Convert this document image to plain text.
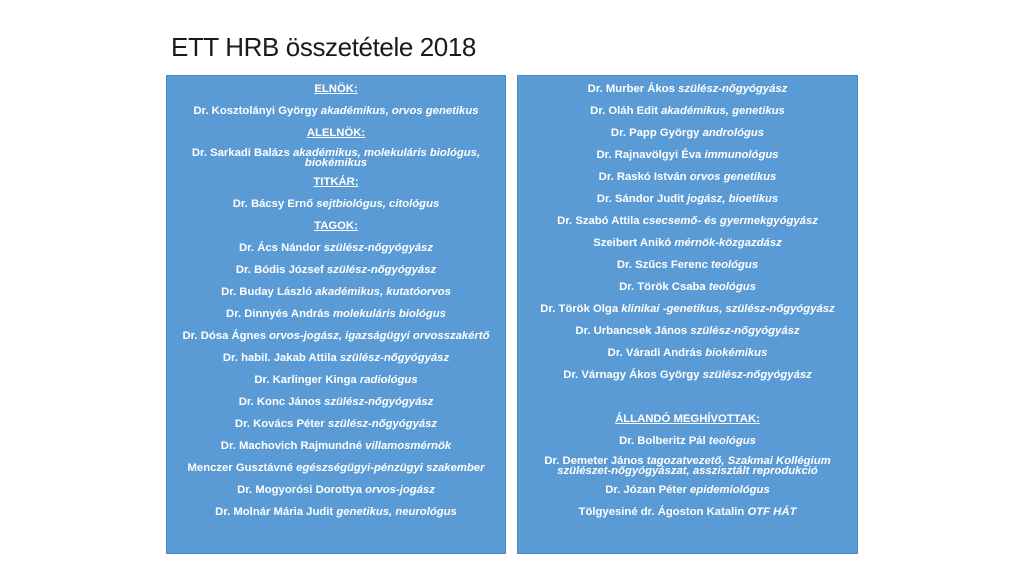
ETT HRB összetétele 2018
ELNÖK:
Dr. Kosztolányi György akadémikus, orvos genetikus
ALELNÖK:
Dr. Sarkadi Balázs akadémikus, molekuláris biológus, biokémikus
TITKÁR:
Dr. Bácsy Ernő sejtbiológus, citológus
TAGOK:
Dr. Ács Nándor szülész-nőgyógyász
Dr. Bódis József szülész-nőgyógyász
Dr. Buday László akadémikus, kutatóorvos
Dr. Dinnyés András molekuláris biológus
Dr. Dósa Ágnes orvos-jogász, igazságügyi orvosszakértő
Dr. habil. Jakab Attila szülész-nőgyógyász
Dr. Karlinger Kinga radiológus
Dr. Konc János szülész-nőgyógyász
Dr. Kovács Péter szülész-nőgyógyász
Dr. Machovich Rajmundné villamosmérnök
Menczer Gusztávné egészségügyi-pénzügyi szakember
Dr. Mogyorósi Dorottya orvos-jogász
Dr. Molnár Mária Judit genetikus, neurológus
Dr. Murber Ákos szülész-nőgyógyász
Dr. Oláh Edit akadémikus, genetikus
Dr. Papp György andrológus
Dr. Rajnavölgyi Éva immunológus
Dr. Raskó István orvos genetikus
Dr. Sándor Judit jogász, bioetikus
Dr. Szabó Attila csecsemő- és gyermekgyógyász
Szeibert Anikó mérnök-közgazdász
Dr. Szűcs Ferenc teológus
Dr. Török Csaba teológus
Dr. Török Olga klinikai -genetikus, szülész-nőgyógyász
Dr. Urbancsek János szülész-nőgyógyász
Dr. Váradi András biokémikus
Dr. Várnagy Ákos György szülész-nőgyógyász
ÁLLANDÓ MEGHÍVOTTAK:
Dr. Bolberitz Pál teológus
Dr. Demeter János tagozatvezető, Szakmai Kollégium szülészet-nőgyógyászat, asszisztált reprodukció
Dr. Józan Péter epidemiológus
Tölgyesiné dr. Ágoston Katalin OTF HÁT
